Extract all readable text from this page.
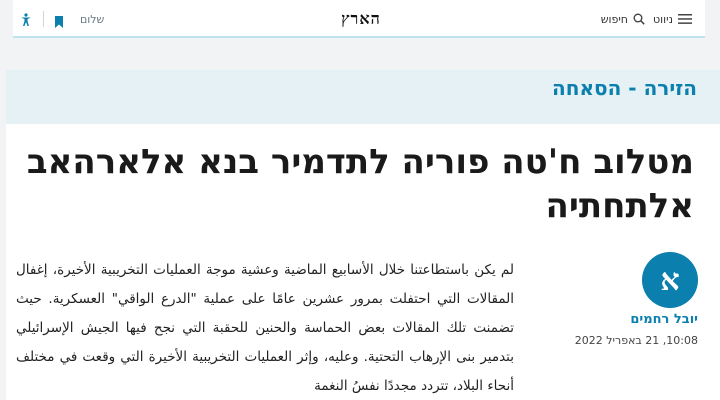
שלום	הארץ	חיפוש ניווט
הזירה - הסאחה
מטלוב ח'טה פוריה לתדמיר בנא אלארהאב אלתחתיה
א
יובל רחמים
10:08, 21 באפריל 2022

لم يكن باستطاعتنا خلال الأسابيع الماضية وعشية موجة العمليات التخريبية الأخيرة، إغفال المقالات التي احتفلت بمرور عشرين عامًا على عملية "الدرع الواقي" العسكرية. حيث تضمنت تلك المقالات بعض الحماسة والحنين للحقبة التي نجح فيها الجيش الإسرائيلي بتدمير بنى الإرهاب التحتية. وعليه، وإثر العمليات التخريبية الأخيرة التي وقعت في مختلف أنحاء البلاد، تتردد مجددًا نفسُ النغمة
